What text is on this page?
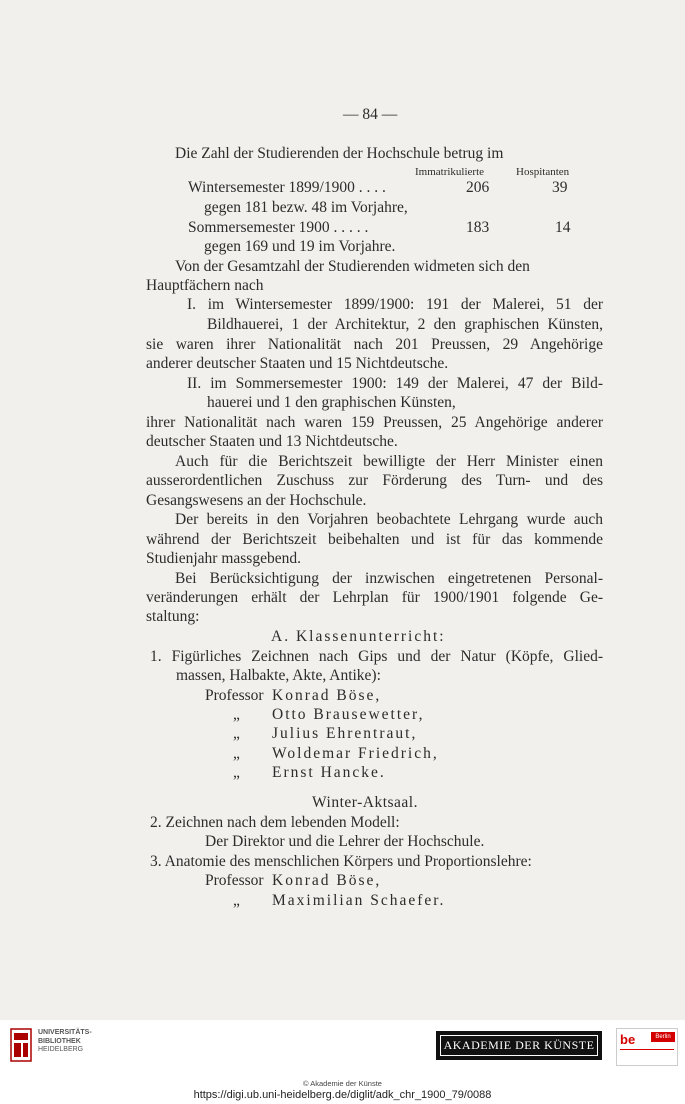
— 84 —
Die Zahl der Studierenden der Hochschule betrug im
Immatrikulierte	Hospitanten
Wintersemester 1899/1900 . . . .	206	39
gegen 181 bezw. 48 im Vorjahre,
Sommersemester 1900 . . . . .	183	14
gegen 169 und 19 im Vorjahre.
Von der Gesamtzahl der Studierenden widmeten sich den
Hauptfächern nach
I. im Wintersemester 1899/1900: 191 der Malerei, 51 der
Bildhauerei, 1 der Architektur, 2 den graphischen Künsten,
sie waren ihrer Nationalität nach 201 Preussen, 29 Angehörige
anderer deutscher Staaten und 15 Nichtdeutsche.
II. im Sommersemester 1900: 149 der Malerei, 47 der Bild-
hauerei und 1 den graphischen Künsten,
ihrer Nationalität nach waren 159 Preussen, 25 Angehörige anderer
deutscher Staaten und 13 Nichtdeutsche.
Auch für die Berichtszeit bewilligte der Herr Minister einen
ausserordentlichen Zuschuss zur Förderung des Turn- und des
Gesangswesens an der Hochschule.
Der bereits in den Vorjahren beobachtete Lehrgang wurde auch
während der Berichtszeit beibehalten und ist für das kommende
Studienjahr massgebend.
Bei Berücksichtigung der inzwischen eingetretenen Personal-
veränderungen erhält der Lehrplan für 1900/1901 folgende Ge-
staltung:
A. Klassenunterricht:
1. Figürliches Zeichnen nach Gips und der Natur (Köpfe, Glied-
massen, Halbakte, Akte, Antike):
Professor Konrad Böse,
„ Otto Brausewetter,
„ Julius Ehrentraut,
„ Woldemar Friedrich,
„ Ernst Hancke.
Winter-Aktsaal.
2. Zeichnen nach dem lebenden Modell:
Der Direktor und die Lehrer der Hochschule.
3. Anatomie des menschlichen Körpers und Proportionslehre:
Professor Konrad Böse,
„ Maximilian Schaefer.
UNIVERSITÄTS-
BIBLIOTHEK
HEIDELBERG	AKADEMIE DER KÜNSTE be	Berlin
© Akademie der Künste
https://digi.ub.uni-heidelberg.de/diglit/adk_chr_1900_79/0088
